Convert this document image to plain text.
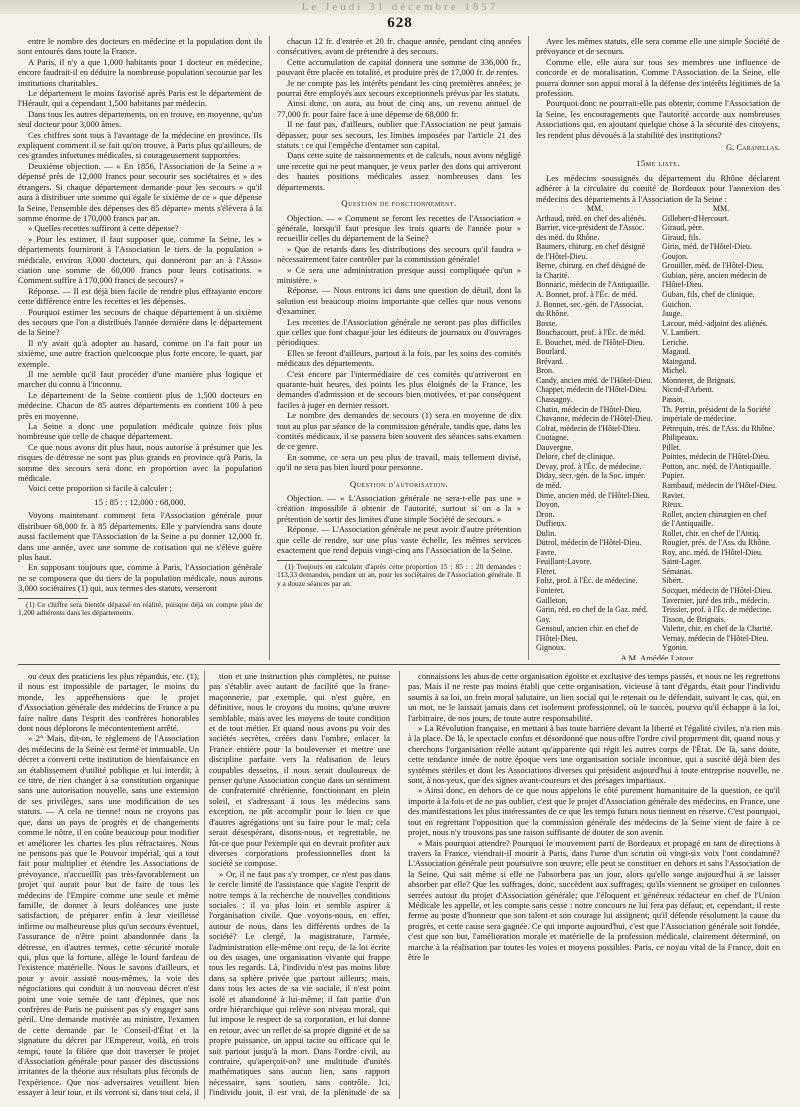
Le Jeudi 31 décembre 1857
628

entre le nombre des docteurs en médecine et la population dont ils sont entourés dans toute la France.

A Paris, il n'y a que 1,000 habitants pour 1 docteur en médecine, encore faudrait-il en déduire la nombreuse population secourue par les institutions charitables.

Le département le moins favorisé après Paris est le département de l'Hérault, qui a cependant 1,500 habitants par médecin.

Dans tous les autres départements, on en trouve, en moyenne, qu'un seul docteur pour 3,000 âmes.

Ces chiffres sont tous à l'avantage de la médecine en province. Ils expliquent comment il se fait qu'on trouve, à Paris plus qu'ailleurs, de ces grandes infortunes médicales, si courageusement supportées.

Deuxième objection. — « En 1856, l'Association de la Seine a » dépensé près de 12,000 francs pour secourir ses sociétaires et » des étrangers. Si chaque département demande pour les secours » qu'il aura à distribuer une somme qui égale le sixième de ce » que dépense la Seine, l'ensemble des dépenses des 85 départe» ments s'élèvera à la somme énorme de 170,000 francs par an.

» Quelles recettes suffiront à cette dépense?

» Pour les estimer, il faut supposer que, comme la Seine, les » départements fourniront à l'Association le tiers de la population » médicale, environ 3,000 docteurs, qui donneront par an à l'Asso» ciation une somme de 60,000 francs pour leurs cotisations. » Comment suffire à 170,000 francs de secours? »

Réponse. — Il est déjà bien facile de rendre plus effrayante encore cette différence entre les recettes et les dépenses.

Pourquoi estimer les secours de chaque département à un sixième des secours que l'on a distribués l'année dernière dans le département de la Seine?

Il n'y avait qu'à adopter au hasard, comme on l'a fait pour un sixième, une autre fraction quelconque plus forte encore, le quart, par exemple.

Il me semble qu'il faut procéder d'une manière plus logique et marcher du connu à l'inconnu.

Le département de la Seine contient plus de 1,500 docteurs en médecine. Chacun de 85 autres départements en contient 100 à peu près en moyenne.

La Seine a donc une population médicale quinze fois plus nombreuse que celle de chaque département.

Ce que nous avons dit plus haut, nous autorise à présumer que les risques de détresse ne sont pas plus grands en province qu'à Paris, la somme des secours sera donc en proportion avec la population médicale.

Voici cette proportion si facile à calculer :

15 : 85 : : 12,000 : 68,000.

Voyons maintenant comment fera l'Association générale pour distribuer 68,000 fr. à 85 départements. Elle y parviendra sans doute aussi facilement que l'Association de la Seine a pu donner 12,000 fr. dans une année, avec une somme de cotisation qui ne s'élève guère plus haut.

En supposant toujours que, comme à Paris, l'Association générale ne se composera que du tiers de la population médicale, nous aurons 3,000 sociétaires (1) qui, aux termes des statuts, verseront

(1) Ce chiffre sera bientôt dépassé en réalité, puisque déjà on compte plus de 1,200 adhérents dans les départements.

chacun 12 fr. d'entrée et 20 fr. chaque année, pendant cinq années consécutives, avant de prétendre à des secours.

Cette accumulation de capital donnera une somme de 336,000 fr., pouvant être placée en totalité, et produire près de 17,000 fr. de rentes.

Je ne compte pas les intérêts pendant les cinq premières années; je pourrai être employés aux secours exceptionnels prévus par les statuts.

Ainsi donc, on aura, au bout de cinq ans, un revenu annuel de 77,000 fr. pour faire face à une dépense de 68,000 fr.

Il ne faut pas, d'ailleurs, oublier que l'Association ne peut jamais dépasser, pour ses secours, les limites imposées par l'article 21 des statuts : ce qui l'empêche d'entamer son capital.

Dans cette suite de raisonnements et de calculs, nous avons négligé une recette qui ne peut manquer, je veux parler des dons qui arriveront des hautes positions médicales assez nombreuses dans les départements.

Question de fonctionnement.

Objection. — « Comment se feront les recettes de l'Association » générale, lorsqu'il faut presque les trois quarts de l'année pour » recueillir celles du département de la Seine?

» Que de retards dans les distributions des secours qu'il faudra » nécessairement faire contrôler par la commission générale!

» Ce sera une administration presque aussi compliquée qu'un » ministère. »

Réponse. — Nous entrons ici dans une question de détail, dont la solution est beaucoup moins importante que celles que nous venons d'examiner.

Les recettes de l'Association générale ne seront pas plus difficiles que celles que font chaque jour les éditeurs de journaux ou d'ouvrages périodiques.

Elles se feront d'ailleurs, partout à la fois, par les soins des comités médicaux des départements.

C'est encore par l'intermédiaire de ces comités qu'arriveront en quarante-huit heures, des points les plus éloignés de la France, les demandes d'admission et de secours bien motivées, et par conséquent faciles à juger en dernier ressort.

Le nombre des demandes de secours (1) sera en moyenne de dix tout au plus par séance de la commission générale, tandis que, dans les comités médicaux, il se passera bien souvent des séances sans examen de ce genre.

En somme, ce sera un peu plus de travail, mais tellement divisé, qu'il ne sera pas bien lourd pour personne.

Question d'autorisation.

Objection. — « L'Association générale ne sera-t-elle pas une » création impossible à obtenir de l'autorité, surtout si on a la » prétention de sortir des limites d'une simple Société de secours. »

Réponse. — L'Association générale ne peut avoir d'autre prétention que celle de rendre, sur une plus vaste échelle, les mêmes services exactement que rend depuis vingt-cinq ans l'Association de la Seine.

(1) Toujours en calculant d'après cette proportion 15 : 85 : : 20 demandes : 113,33 demandes, pendant un an, pour les sociétaires de l'Association générale. Il y a douze séances par an.

Avec les mêmes statuts, elle sera comme elle une simple Société de prévoyance et de secours.

Comme elle, elle aura sur tous ses membres une influence de concorde et de moralisation. Comme l'Association de la Seine, elle pourra donner son appui moral à la défense des intérêts légitimes de la profession.

Pourquoi donc ne pourrait-elle pas obtenir, comme l'Association de la Seine, les encouragements que l'autorité accorde aux nombreuses Associations qui, en ajoutant quelque chose à la sécurité des citoyens, les rendent plus dévoués à la stabilité des institutions?

G. Caranellas.

15me liste.

Les médecins soussignés du département du Rhône déclarent adhérer à la circulaire du comité de Bordeaux pour l'annexion des médecins des départements à l'Association de la Seine :

MM.
Arthaud, méd. en chef des aliénés.
Barrier, vice-président de l'Assoc.
des méd. du Rhône.
Baumers, chirurg. en chef désigné
de l'Hôtel-Dieu.
Berne, chirurg. en chef désigné de
la Charité.
Bonnaric, médecin de l'Antiquaille.
A. Bonnet, prof. à l'Éc. de méd.
J. Bonnet, sec.-gén. de l'Associat.
du Rhône.
Bosse.
Bouchacourt, prof. à l'Éc. de méd.
E. Bouchet, méd. de l'Hôtel-Dieu.
Bourlard.
Brévard.
Bron.
Candy, ancien méd. de l'Hôtel-Dieu.
Chappet, médecin de l'Hôtel-Dieu.
Chassagny.
Chatin, médecin de l'Hôtel-Dieu.
Chavanne, médecin de l'Hôtel-Dieu.
Colrat, médecin de l'Hôtel-Dieu.
Coutagne.
Dauvergne.
Delore, chef de clinique.
Devay, prof. à l'Éc. de médecine.
Diday, secr.-gén. de la Soc. impér.
de méd.
Dime, ancien méd. de l'Hôtel-Dieu.
Doyon.
Dron.
Duffieux.
Dulin.
Dutrol, médecin de l'Hôtel-Dieu.
Favre.
Feuillant-Lavore.
Fleret.
Foltz, prof. à l'Éc. de médecine.
Fonteret.
Gailleton.
Garin, réd. en chef de la Gaz. méd.
Gay.
Gensoul, ancien chir. en chef de
l'Hôtel-Dieu.
Gignoux.
MM.
Gillebert-d'Hercourt.
Giraud, père.
Giraud, fils.
Girin, méd. de l'Hôtel-Dieu.
Goujon.
Grouiller, méd. de l'Hôtel-Dieu.
Gubian, père, ancien médecin de
l'Hôtel-Dieu.
Guban, fils, chef de clinique.
Guichon.
Jauge.
Lacour, méd.-adjoint des aliénés.
V. Lambert.
Leriche.
Magaud.
Maingand.
Michel.
Monneret, de Brignais.
Nicod-d'Arbent.
Passot.
Th. Perrin, président de la Société
impériale de médecine.
Pétrequin, trés. de l'Ass. du Rhône.
Philipeaux.
Pillet.
Pointes, médecin de l'Hôtel-Dieu.
Potton, anc. méd. de l'Antiquaille.
Pupier.
Rambaud, médecin de l'Hôtel-Dieu.
Raviet.
Rieux.
Rollet, ancien chirurgien en chef
de l'Antiquaille.
Rollet, chir. en chef de l'Antiq.
Rougier, prés. de l'Ass. du Rhône.
Roy, anc. méd. de l'Hôtel-Dieu.
Saint-Lager.
Sémanas.
Sibert.
Socquet, médecin de l'Hôtel-Dieu.
Tavernier, juré des trib., médecin.
Teissier, prof. à l'Éc. de médecine.
Tisson, de Brignais.
Valette, chir. en chef de la Charité.
Vernay, médecin de l'Hôtel-Dieu.
Ygonin.

A M. Amédée Latour.

ou ceux des praticiens les plus répandus, etc. (1), il nous est impossible de partager, le moins du monde, les appréhensions que le projet d'Association générale des médecins de France a pu faire naître dans l'esprit des confrères honorables dont nous déplorons le mécontentement arrêté.

» 2° Mais, dit-on, le règlement de l'Association des médecins de la Seine est fermé et immuable. Un décret a converti cette institution de bienfaisance en un établissement d'utilité publique et lui interdit, à ce titre, de rien changer à sa constitution organique sans une autorisation nouvelle, sans une extension de ses privilèges, sans une modification de ses statuts. — A cela ne tienne! nous ne croyons pas que, dans un pays de progrès et de changements comme le nôtre, il en coûte beaucoup pour modifier et améliorer les chartes les plus réfractaires. Nous ne pensons pas que le Pouvoir impérial, qui a tout fait pour multiplier et étendre les Associations de prévoyance, n'accueillît pas très-favorablement un projet qui aurait pour but de faire de tous les médecins de l'Empire comme une seule et même famille, de donner à leurs doléances une juste satisfaction, de préparer enfin à leur vieillesse infirme ou malheureuse plus qu'un secours éventuel, l'assurance de n'être point abandonnée dans la détresse, en d'autres termes, cette sécurité morale qui, plus que la fortune, allège le lourd fardeau de l'existence matérielle. Nous le savons d'ailleurs, et pour y avoir assisté nous-mêmes, la voie des négociations qui conduit à un nouveau décret n'est point une voie semée de tant d'épines, que nos confrères de Paris ne puissent pas s'y engager sans péril. Une demande motivée au ministre, l'examen de cette demande par le Conseil-d'État et la signature du décret par l'Empereur, voilà, en trois temps, toute la filière que doit traverser le projet d'Association générale pour passer des discussions irritantes de la théorie aux résultats plus féconds de l'expérience. Que nos adversaires veuillent bien essayer à leur tour, et ils verront si, dans tout cela, il

tion et une instruction plus complètes, ne puisse pas s'établir avec autant de facilité que la franc-maçonnerie, par exemple, qui n'est guère, en définitive, nous le croyons du moins, qu'une œuvre semblable, mais avec les moyens de toute condition et de tout métier. Et quand nous avons pu voir des sociétés secrètes, créées dans l'ombre, enlacer la France entière pour la bouleverser et mettre une discipline parfaite vers la réalisation de leurs coupables desseins, il nous serait douloureux de penser qu'une Association conçue dans un sentiment de confraternité chrétienne, fonctionnant en plein soleil, et s'adressant à tous les médecins sans exception, ne pût accomplir pour le bien ce que d'autres agrégations ont su faire pour le mal; cela serait désespérant, disons-nous, et regrettable, ne fût-ce que pour l'exemple qui en devrait profiter aux diverses corporations professionnelles dont la société se compose.

» Or, il ne faut pas s'y tromper, ce n'est pas dans le cercle limité de l'assistance que s'agite l'esprit de notre temps à la recherche de nouvelles conditions sociales : il va plus loin et semble aspirer à l'organisation civile. Que voyons-nous, en effet, autour de nous, dans les différents ordres de la société? Le clergé, la magistrature, l'armée, l'administration elle-même ont reçu, de la loi écrite ou des usages, une organisation vivante qui frappe tous les regards. Là, l'individu n'est pas moins libre dans sa sphère privée que partout ailleurs; mais, dans tous les actes de sa vie sociale, il n'est point isolé et abandonné à lui-même; il fait partie d'un ordre hiérarchique qui relève son niveau moral, qui lui impose le respect de sa corporation, et lui donne en retour, avec un reflet de sa propre dignité et de sa propre puissance, un appui tacite ou efficace qui le suit partout jusqu'à la mort. Dans l'ordre civil, au contraire, qu'aperçoit-on? une multitude d'unités mathématiques sans aucun lien, sans rapport nécessaire, sans soutien, sans contrôle. Ici, l'individu jouit, il est vrai, de la plénitude de sa

connaissons les abus de cette organisation égoïste et exclusive des temps passés, et nous ne les regrettons pas. Mais il ne reste pas moins établi que cette organisation, vicieuse à tant d'égards, était pour l'individu soumis à sa loi, un frein moral salutaire, un lien social qui le retenait ou le défendait, suivant le cas, qui, en un mot, ne le laissait jamais dans cet isolement professionnel, où le succès, pourvu qu'il échappe à la loi, l'arbitraire, de nos jours, de toute autre responsabilité.

» La Révolution française, en mettant à bas toute barrière devant la liberté et l'égalité civiles, n'a rien mis à la place. De là, le spectacle confus et désordonné que nous offre l'ordre civil proprement dit, quand nous y cherchons l'organisation réelle autant qu'apparente qui régit les autres corps de l'État. De là, sans doute, cette tendance innée de notre époque vers une organisation sociale inconnue, qui a suscité déjà bien des systèmes stériles et dont les Associations diverses qui président aujourd'hui à toute entreprise nouvelle, ne sont, à nos yeux, que des signes avant-coureurs et des présages impartiaux.

» Ainsi donc, en dehors de ce que nous appelons le côté purement humanitaire de la question, ce qu'il importe à la fois et de ne pas oublier, c'est que le projet d'Association générale des médecins, en France, une des manifestations les plus intéressantes de ce que les temps futurs nous tiennent en réserve. C'est pourquoi, tout en regrettant l'opposition que la commission générale des médecins de la Seine vient de faire à ce projet, nous n'y trouvons pas une raison suffisante de douter de son avenir.

» Mais pourquoi attendre? Pourquoi le mouvement parti de Bordeaux et propagé en tant de directions à travers la France, viendrait-il mourir à Paris, dans l'urne d'un scrutin où vingt-six voix l'ont condamné? L'Association générale peut poursuivre son œuvre; elle peut se constituer en dehors et sans l'Association de la Seine. Qui sait même si elle ne l'absorbera pas un jour, alors qu'elle songe aujourd'hui à se laisser absorber par elle? Que les suffrages, donc, succèdent aux suffrages; qu'ils viennent se grouper en colonnes serrées autour du projet d'Association générale; que l'éloquent et généreux rédacteur en chef de l'Union Médicale les appelle, et les compte sans cesse : notre concours ne lui fera pas défaut; et, cependant, il reste ferme au poste d'honneur que son talent et son courage lui assignent; qu'il défende résolument la cause du progrès, et cette cause sera gagnée. Ce qui importe aujourd'hui, c'est que l'Association générale soit fondée, c'est que son but, l'amélioration morale et matérielle de la profession médicale, clairement déterminé, on marche à la réalisation par toutes les voies et moyens possibles. Paris, ce noyau vital de la France, doit en être le
